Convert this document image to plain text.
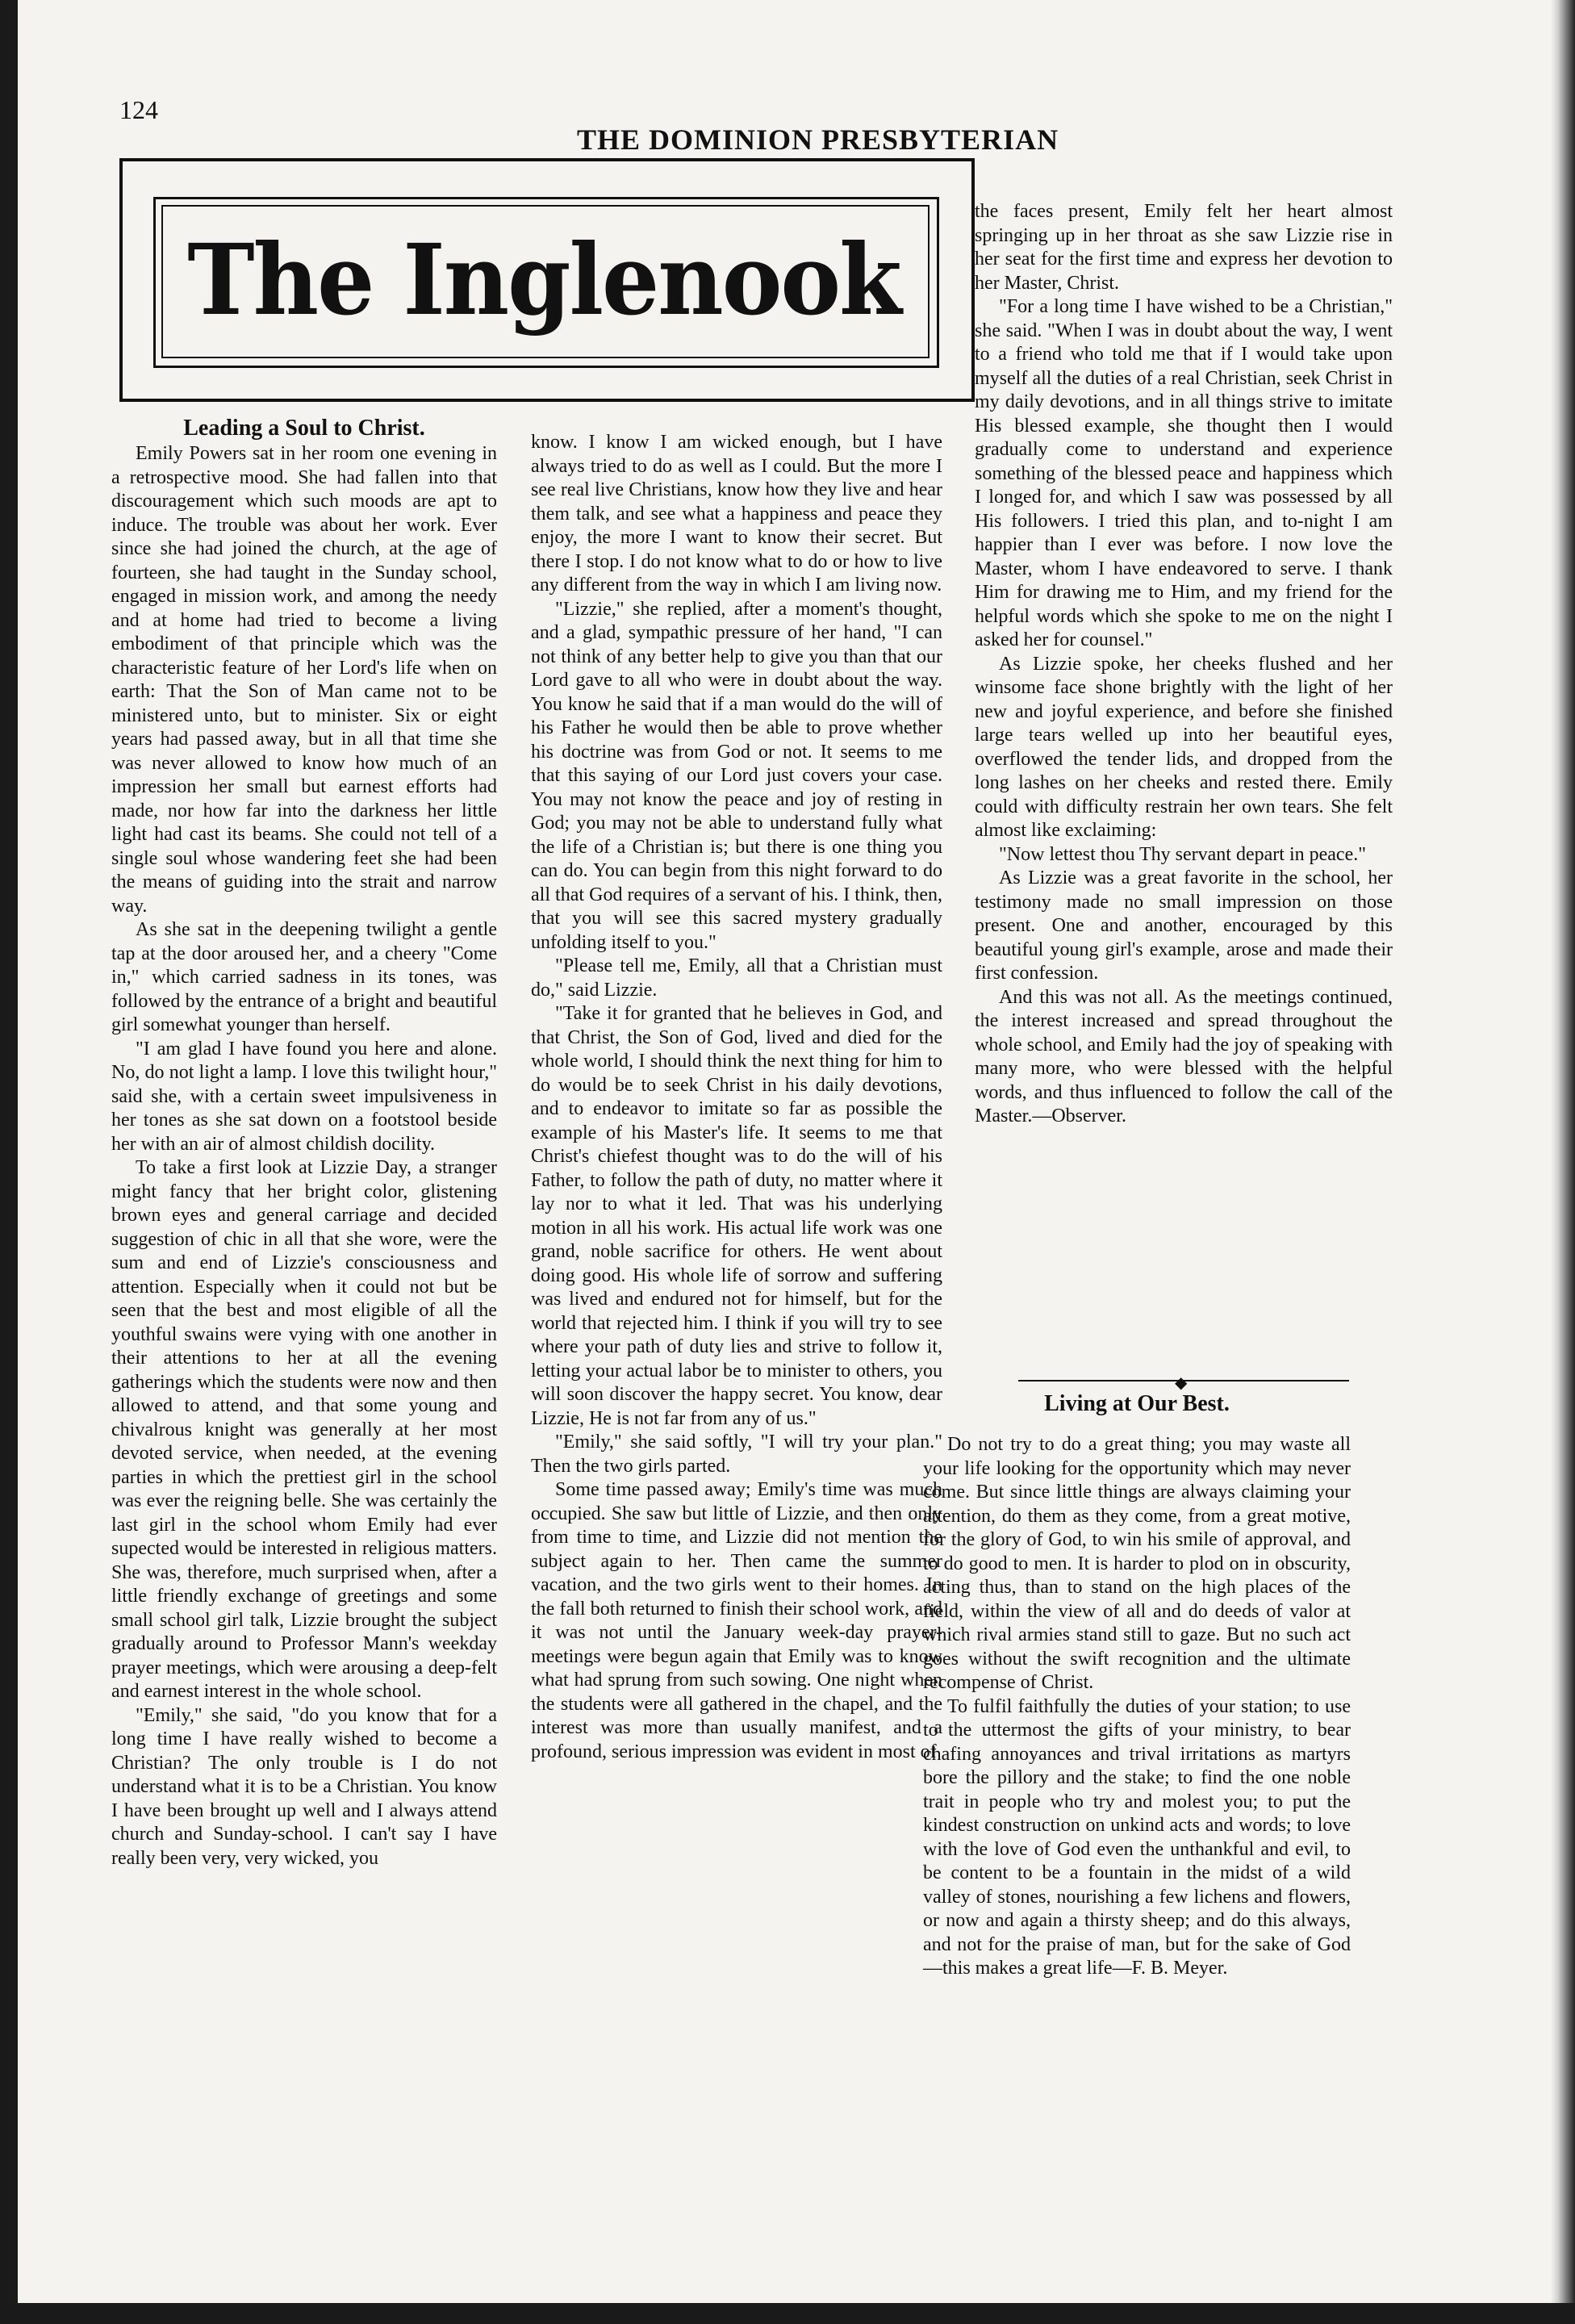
124
THE DOMINION PRESBYTERIAN
The Inglenook
Leading a Soul to Christ.

Emily Powers sat in her room one evening in a retrospective mood. She had fallen into that discouragement which such moods are apt to induce. The trouble was about her work. Ever since she had joined the church, at the age of fourteen, she had taught in the Sunday school, engaged in mission work, and among the needy and at home had tried to become a living embodiment of that principle which was the characteristic feature of her Lord's life when on earth: That the Son of Man came not to be ministered unto, but to minister. Six or eight years had passed away, but in all that time she was never allowed to know how much of an impression her small but earnest efforts had made, nor how far into the darkness her little light had cast its beams. She could not tell of a single soul whose wandering feet she had been the means of guiding into the strait and narrow way.

As she sat in the deepening twilight a gentle tap at the door aroused her, and a cheery "Come in," which carried sadness in its tones, was followed by the entrance of a bright and beautiful girl somewhat younger than herself.

"I am glad I have found you here and alone. No, do not light a lamp. I love this twilight hour," said she, with a certain sweet impulsiveness in her tones as she sat down on a footstool beside her with an air of almost childish docility.

To take a first look at Lizzie Day, a stranger might fancy that her bright color, glistening brown eyes and general carriage and decided suggestion of chic in all that she wore, were the sum and end of Lizzie's consciousness and attention. Especially when it could not but be seen that the best and most eligible of all the youthful swains were vying with one another in their attentions to her at all the evening gatherings which the students were now and then allowed to attend, and that some young and chivalrous knight was generally at her most devoted service, when needed, at the evening parties in which the prettiest girl in the school was ever the reigning belle. She was certainly the last girl in the school whom Emily had ever supected would be interested in religious matters. She was, therefore, much surprised when, after a little friendly exchange of greetings and some small school girl talk, Lizzie brought the subject gradually around to Professor Mann's weekday prayer meetings, which were arousing a deep-felt and earnest interest in the whole school.

"Emily," she said, "do you know that for a long time I have really wished to become a Christian? The only trouble is I do not understand what it is to be a Christian. You know I have been brought up well and I always attend church and Sunday-school. I can't say I have really been very, very wicked, you

know. I know I am wicked enough, but I have always tried to do as well as I could. But the more I see real live Christians, know how they live and hear them talk, and see what a happiness and peace they enjoy, the more I want to know their secret. But there I stop. I do not know what to do or how to live any different from the way in which I am living now.

"Lizzie," she replied, after a moment's thought, and a glad, sympathic pressure of her hand, "I can not think of any better help to give you than that our Lord gave to all who were in doubt about the way. You know he said that if a man would do the will of his Father he would then be able to prove whether his doctrine was from God or not. It seems to me that this saying of our Lord just covers your case. You may not know the peace and joy of resting in God; you may not be able to understand fully what the life of a Christian is; but there is one thing you can do. You can begin from this night forward to do all that God requires of a servant of his. I think, then, that you will see this sacred mystery gradually unfolding itself to you."

"Please tell me, Emily, all that a Christian must do," said Lizzie.

"Take it for granted that he believes in God, and that Christ, the Son of God, lived and died for the whole world, I should think the next thing for him to do would be to seek Christ in his daily devotions, and to endeavor to imitate so far as possible the example of his Master's life. It seems to me that Christ's chiefest thought was to do the will of his Father, to follow the path of duty, no matter where it lay nor to what it led. That was his underlying motion in all his work. His actual life work was one grand, noble sacrifice for others. He went about doing good. His whole life of sorrow and suffering was lived and endured not for himself, but for the world that rejected him. I think if you will try to see where your path of duty lies and strive to follow it, letting your actual labor be to minister to others, you will soon discover the happy secret. You know, dear Lizzie, He is not far from any of us."

"Emily," she said softly, "I will try your plan." Then the two girls parted.

Some time passed away; Emily's time was much occupied. She saw but little of Lizzie, and then only from time to time, and Lizzie did not mention the subject again to her. Then came the summer vacation, and the two girls went to their homes. In the fall both returned to finish their school work, and it was not until the January week-day prayer-meetings were begun again that Emily was to know what had sprung from such sowing. One night when the students were all gathered in the chapel, and the interest was more than usually manifest, and a profound, serious impression was evident in most of

the faces present, Emily felt her heart almost springing up in her throat as she saw Lizzie rise in her seat for the first time and express her devotion to her Master, Christ.

"For a long time I have wished to be a Christian," she said. "When I was in doubt about the way, I went to a friend who told me that if I would take upon myself all the duties of a real Christian, seek Christ in my daily devotions, and in all things strive to imitate His blessed example, she thought then I would gradually come to understand and experience something of the blessed peace and happiness which I longed for, and which I saw was possessed by all His followers. I tried this plan, and to-night I am happier than I ever was before. I now love the Master, whom I have endeavored to serve. I thank Him for drawing me to Him, and my friend for the helpful words which she spoke to me on the night I asked her for counsel."

As Lizzie spoke, her cheeks flushed and her winsome face shone brightly with the light of her new and joyful experience, and before she finished large tears welled up into her beautiful eyes, overflowed the tender lids, and dropped from the long lashes on her cheeks and rested there. Emily could with difficulty restrain her own tears. She felt almost like exclaiming:

"Now lettest thou Thy servant depart in peace."

As Lizzie was a great favorite in the school, her testimony made no small impression on those present. One and another, encouraged by this beautiful young girl's example, arose and made their first confession.

And this was not all. As the meetings continued, the interest increased and spread throughout the whole school, and Emily had the joy of speaking with many more, who were blessed with the helpful words, and thus influenced to follow the call of the Master.—Observer.

◆
Living at Our Best.

Do not try to do a great thing; you may waste all your life looking for the opportunity which may never come. But since little things are always claiming your attention, do them as they come, from a great motive, for the glory of God, to win his smile of approval, and to do good to men. It is harder to plod on in obscurity, acting thus, than to stand on the high places of the field, within the view of all and do deeds of valor at which rival armies stand still to gaze. But no such act goes without the swift recognition and the ultimate recompense of Christ.

To fulfil faithfully the duties of your station; to use to the uttermost the gifts of your ministry, to bear chafing annoyances and trival irritations as martyrs bore the pillory and the stake; to find the one noble trait in people who try and molest you; to put the kindest construction on unkind acts and words; to love with the love of God even the unthankful and evil, to be content to be a fountain in the midst of a wild valley of stones, nourishing a few lichens and flowers, or now and again a thirsty sheep; and do this always, and not for the praise of man, but for the sake of God—this makes a great life—F. B. Meyer.
